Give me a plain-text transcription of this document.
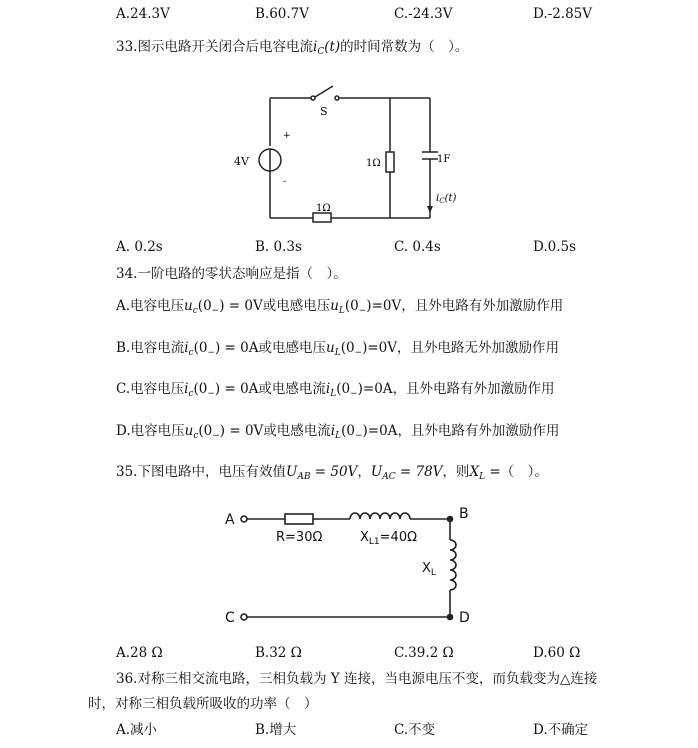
A.24.3V	B.60.7V	C.-24.3V	D.-2.85V
33.图示电路开关闭合后电容电流$i_C(t)$的时间常数为（　）。
S
+
-
4V	1Ω	1F
1Ω
$i_C(t)$
A. 0.2s	B. 0.3s	C. 0.4s	D.0.5s
34.一阶电路的零状态响应是指（　）。
A.电容电压$u_c(0_-) = 0V$或电感电压$u_L(0_-)=0V$，且外电路有外加激励作用
B.电容电流$i_c(0_-) = 0A$或电感电压$u_L(0_-)=0V$，且外电路无外加激励作用
C.电容电压$i_c(0_-) = 0A$或电感电流$i_L(0_-)=0A$，且外电路有外加激励作用
D.电容电压$u_c(0_-) = 0V$或电感电流$i_L(0_-)=0A$，且外电路有外加激励作用
35.下图电路中，电压有效值$U_{AB} = 50V$，$U_{AC} = 78V$，则$X_L$ =（　）。
A	B
C	D
R=30Ω	$X_{L1}=40\Omega$
$X_L$
A.28 Ω	B.32 Ω	C.39.2 Ω	D.60 Ω
36.对称三相交流电路，三相负载为 Y 连接，当电源电压不变，而负载变为△连接
时，对称三相负载所吸收的功率（　）
A.减小	B.增大	C.不变	D.不确定
